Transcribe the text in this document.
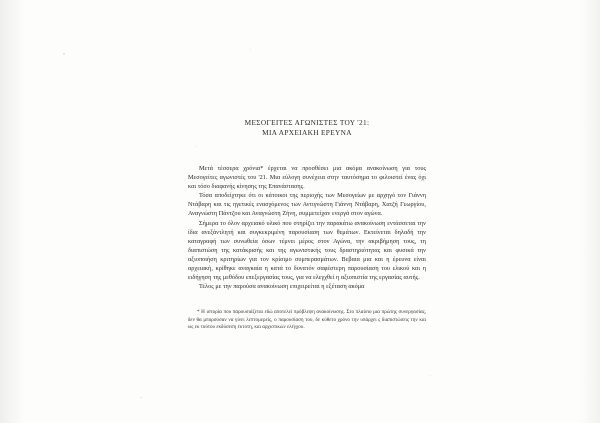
ΜΕΣΟΓΕΙΤΕΣ ΑΓΩΝΙΣΤΕΣ ΤΟΥ '21:
ΜΙΑ ΑΡΧΕΙΑΚΗ ΕΡΕΥΝΑ

Μετά τέσσερα χρόνια* έρχεται να προσθέσει μια ακόμα ανακοίνωση για τους Μεσογείτες αγωνιστές του '21. Μια εύλογη συνέχεια στην ταυτόσημα το φιλοιστεί ένας όχι και τόσο διαφανής κίνησης της Επανάστασης.

Τόσα αποδείχτηκε ότι οι κάτοικοι της περιοχής των Μεσογείων με αρχηγό τον Γιάννη Ντάβαρη και τις ηγετικές ενασχόμενος των Αντιγνώστη Γιάννη Ντάβαρη, Χατζή Γεωργίου, Αναγνώστη Πάντζου και Αναγνώστη Ζήνη, συμμετείχαν ενεργά στον αγώνα.

Σήμερα το όλον αρχειακό υλικό που στηρίζει την παρακάτω ανακοίνωση εντάσσεται την ίδια ανεξάντλητή και συγκεκριμένη παρουσίαση των θεμάτων. Εκτείνεται δηλαδή την καταγραφή των συνωθεία όσων τέμνει μέρος στον Αγώνα, την ακριβήμηση τους, τη διαπιστώση της κατάκρισής και της αγωνιστικής τους δραστηριότητας και φυσικά την αξιοποιήση κριτηρίων για τον κρίσιμο συμπερασμάτων. Βεβαια μια και η έρευνα είναι αρχειακή, κρίθηκε αναγκαία η κατά το δυνατόν σαφέστερη παρουσίαση του ελικού και η ειδήγηση της μεθόδου επεξεργασίας τους, για να ελεγχθεί η αξιοπιστία της εργασίας αυτής.

Τέλος με την παρούσα ανακοίνωση επιχειρείται η εξέταση ακόμα

* Η ιστορία που παρουσιάζεται εδώ αποτελεί πρόβλεψη ανακοίνωσης. Στο πλαίσιο μια πρώτης συνεργασίας, δεν θα μπορούσαν να γίνει λεπτομερείς, ο παρουσίαση του, δε κύθετο χρόνο την υπάρχει ς διαπιστώσεις την και ως εκ τούτου εκδύσεση έκτοτη, και αρχιστικών ελέγχου.
